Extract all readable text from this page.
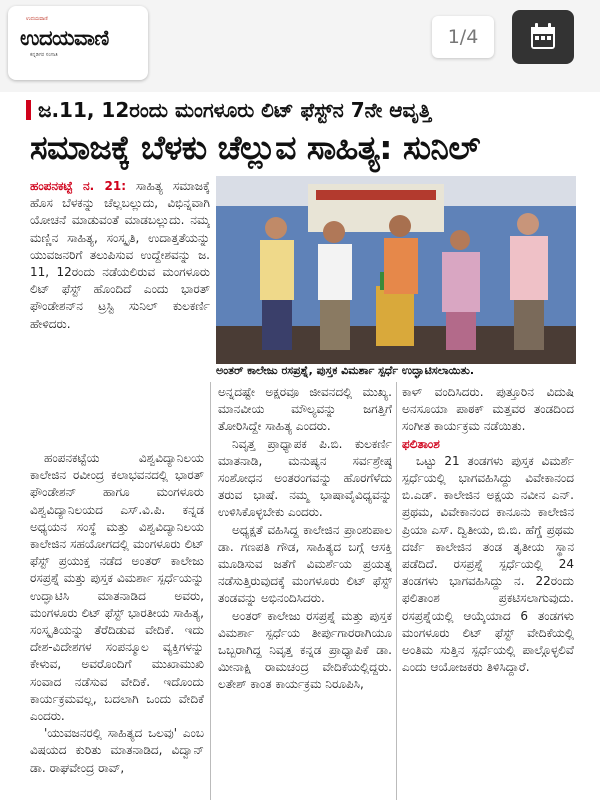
ಉದಯವಾಣಿ
ಉದಯವಾಣಿ
ಕನ್ನಡಿಗರ ಸಂಗಾತಿ
1/4
ಜ.11, 12ರಂದು ಮಂಗಳೂರು ಲಿಟ್‌ ಫೆಸ್ಟ್‌ನ 7ನೇ ಆವೃತ್ತಿ
ಸಮಾಜಕ್ಕೆ ಬೆಳಕು ಚೆಲ್ಲುವ ಸಾಹಿತ್ಯ: ಸುನಿಲ್‌

ಹಂಪನಕಟ್ಟೆ ನ. 21: ಸಾಹಿತ್ಯ ಸಮಾಜಕ್ಕೆ ಹೊಸ ಬೆಳಕನ್ನು ಚೆಲ್ಲಬಲ್ಲುದು, ವಿಭಿನ್ನವಾಗಿ ಯೋಚನೆ ಮಾಡುವಂತೆ ಮಾಡಬಲ್ಲುದು. ನಮ್ಮ ಮಣ್ಣಿನ ಸಾಹಿತ್ಯ, ಸಂಸ್ಕೃತಿ, ಉದಾತ್ತತೆಯನ್ನು ಯುವಜನರಿಗೆ ತಲುಪಿಸುವ ಉದ್ದೇಶವನ್ನು ಜ. 11, 12ರಂದು ನಡೆಯಲಿರುವ ಮಂಗಳೂರು ಲಿಟ್‌ ಫೆಸ್ಟ್‌ ಹೊಂದಿದೆ ಎಂದು ಭಾರತ್‌ ಫೌಂಡೇಶನ್‌ನ ಟ್ರಸ್ಟಿ ಸುನಿಲ್‌ ಕುಲಕರ್ಣಿ ಹೇಳಿದರು.

ಅಂತರ್‌ ಕಾಲೇಜು ರಸಪ್ರಶ್ನೆ, ಪುಸ್ತಕ ವಿಮರ್ಶಾ ಸ್ಪರ್ಧೆ ಉದ್ಘಾಟಿಸಲಾಯಿತು.

ಹಂಪನಕಟ್ಟೆಯ ವಿಶ್ವವಿದ್ಯಾನಿಲಯ ಕಾಲೇಜಿನ ರವೀಂದ್ರ ಕಲಾಭವನದಲ್ಲಿ ಭಾರತ್‌ ಫೌಂಡೇಶನ್‌ ಹಾಗೂ ಮಂಗಳೂರು ವಿಶ್ವವಿದ್ಯಾನಿಲಯದ ಎಸ್‌.ವಿ.ಪಿ. ಕನ್ನಡ ಅಧ್ಯಯನ ಸಂಸ್ಥೆ ಮತ್ತು ವಿಶ್ವವಿದ್ಯಾನಿಲಯ ಕಾಲೇಜಿನ ಸಹಯೋಗದಲ್ಲಿ ಮಂಗಳೂರು ಲಿಟ್‌ ಫೆಸ್ಟ್‌ ಪ್ರಯುಕ್ತ ನಡೆದ ಅಂತರ್‌ ಕಾಲೇಜು ರಸಪ್ರಶ್ನೆ ಮತ್ತು ಪುಸ್ತಕ ವಿಮರ್ಶಾ ಸ್ಪರ್ಧೆಯನ್ನು ಉದ್ಘಾಟಿಸಿ ಮಾತನಾಡಿದ ಅವರು, ಮಂಗಳೂರು ಲಿಟ್‌ ಫೆಸ್ಟ್‌ ಭಾರತೀಯ ಸಾಹಿತ್ಯ, ಸಂಸ್ಕೃತಿಯನ್ನು ತೆರೆದಿಡುವ ವೇದಿಕೆ. ಇದು ದೇಶ-ವಿದೇಶಗಳ ಸಂಪನ್ಮೂಲ ವ್ಯಕ್ತಿಗಳನ್ನು ಕೇಳುವ, ಅವರೊಂದಿಗೆ ಮುಖಾಮುಖಿ ಸಂವಾದ ನಡೆಸುವ ವೇದಿಕೆ. ಇದೊಂದು ಕಾರ್ಯಕ್ರಮವಲ್ಲ, ಬದಲಾಗಿ ಒಂದು ವೇದಿಕೆ ಎಂದರು.

'ಯುವಜನರಲ್ಲಿ ಸಾಹಿತ್ಯದ ಒಲವು' ಎಂಬ ವಿಷಯದ ಕುರಿತು ಮಾತನಾಡಿದ, ವಿದ್ವಾನ್‌ ಡಾ. ರಾಘವೇಂದ್ರ ರಾವ್‌,

ಅನ್ನದಷ್ಟೇ ಅಕ್ಷರವೂ ಜೀವನದಲ್ಲಿ ಮುಖ್ಯ. ಮಾನವೀಯ ಮೌಲ್ಯವನ್ನು ಜಗತ್ತಿಗೆ ತೋರಿಸಿದ್ದೇ ಸಾಹಿತ್ಯ ಎಂದರು.

ನಿವೃತ್ತ ಪ್ರಾಧ್ಯಾಪಕ ಪಿ.ಬಿ. ಕುಲಕರ್ಣಿ ಮಾತನಾಡಿ, ಮನುಷ್ಯನ ಸರ್ವಶ್ರೇಷ್ಠ ಸಂಶೋಧನ ಅಂತರಂಗವನ್ನು ಹೊರಗೆಳೆದು ತರುವ ಭಾಷೆ. ನಮ್ಮ ಭಾಷಾವೈವಿಧ್ಯವನ್ನು ಉಳಿಸಿಕೊಳ್ಳಬೇಕು ಎಂದರು.

ಅಧ್ಯಕ್ಷತೆ ವಹಿಸಿದ್ದ ಕಾಲೇಜಿನ ಪ್ರಾಂಶುಪಾಲ ಡಾ. ಗಣಪತಿ ಗೌಡ, ಸಾಹಿತ್ಯದ ಬಗ್ಗೆ ಆಸಕ್ತಿ ಮೂಡಿಸುವ ಜತೆಗೆ ವಿಮರ್ಶೆಯ ಪ್ರಯತ್ನ ನಡೆಸುತ್ತಿರುವುದಕ್ಕೆ ಮಂಗಳೂರು ಲಿಟ್‌ ಫೆಸ್ಟ್‌ ತಂಡವನ್ನು ಅಭಿನಂದಿಸಿದರು.

ಅಂತರ್‌ ಕಾಲೇಜು ರಸಪ್ರಶ್ನೆ ಮತ್ತು ಪುಸ್ತಕ ವಿಮರ್ಶಾ ಸ್ಪರ್ಧೆಯ ತೀರ್ಪುಗಾರರಾಗಿಯೂ ಒಬ್ಬರಾಗಿದ್ದ ನಿವೃತ್ತ ಕನ್ನಡ ಪ್ರಾಧ್ಯಾಪಿಕೆ ಡಾ. ಮೀನಾಕ್ಷಿ ರಾಮಚಂದ್ರ ವೇದಿಕೆಯಲ್ಲಿದ್ದರು. ಲತೇಶ್‌ ಕಾಂತ ಕಾರ್ಯಕ್ರಮ ನಿರೂಪಿಸಿ,

ಕಾಳ್‌ ವಂದಿಸಿದರು. ಪುತ್ತೂರಿನ ವಿದುಷಿ ಅನಸೂಯಾ ಪಾಠಕ್‌ ಮತ್ತವರ ತಂಡದಿಂದ ಸಂಗೀತ ಕಾರ್ಯಕ್ರಮ ನಡೆಯಿತು.

ಫಲಿತಾಂಶ

ಒಟ್ಟು 21 ತಂಡಗಳು ಪುಸ್ತಕ ವಿಮರ್ಶೆ ಸ್ಪರ್ಧೆಯಲ್ಲಿ ಭಾಗವಹಿಸಿದ್ದು ವಿವೇಕಾನಂದ ಬಿ.ಎಡ್‌. ಕಾಲೇಜಿನ ಅಕ್ಷಯ ನವೀನ ಎನ್‌. ಪ್ರಥಮ, ವಿವೇಕಾನಂದ ಕಾನೂನು ಕಾಲೇಜಿನ ಪ್ರಿಯಾ ಎಸ್‌. ದ್ವಿತೀಯ, ಬಿ.ಬಿ. ಹೆಗ್ಡೆ ಪ್ರಥಮ ದರ್ಜೆ ಕಾಲೇಜಿನ ತಂಡ ತೃತೀಯ ಸ್ಥಾನ ಪಡೆದಿದೆ. ರಸಪ್ರಶ್ನೆ ಸ್ಪರ್ಧೆಯಲ್ಲಿ 24 ತಂಡಗಳು ಭಾಗವಹಿಸಿದ್ದು ನ. 22ರಂದು ಫಲಿತಾಂಶ ಪ್ರಕಟಿಸಲಾಗುವುದು. ರಸಪ್ರಶ್ನೆಯಲ್ಲಿ ಆಯ್ಕೆಯಾದ 6 ತಂಡಗಳು ಮಂಗಳೂರು ಲಿಟ್‌ ಫೆಸ್ಟ್‌ ವೇದಿಕೆಯಲ್ಲಿ ಅಂತಿಮ ಸುತ್ತಿನ ಸ್ಪರ್ಧೆಯಲ್ಲಿ ಪಾಲ್ಗೊಳ್ಳಲಿವೆ ಎಂದು ಆಯೋಜಕರು ತಿಳಿಸಿದ್ದಾರೆ.
